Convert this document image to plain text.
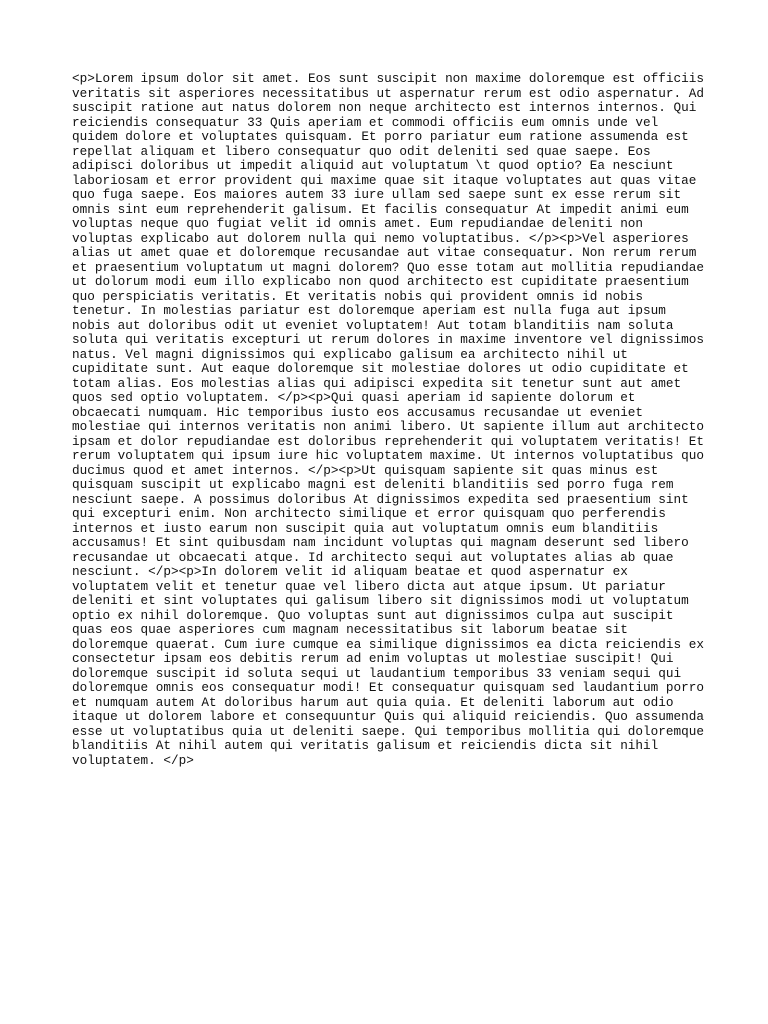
<p>Lorem ipsum dolor sit amet. Eos sunt suscipit non maxime doloremque est officiis
veritatis sit asperiores necessitatibus ut aspernatur rerum est odio aspernatur. Ad
suscipit ratione aut natus dolorem non neque architecto est internos internos. Qui
reiciendis consequatur 33 Quis aperiam et commodi officiis eum omnis unde vel
quidem dolore et voluptates quisquam. Et porro pariatur eum ratione assumenda est
repellat aliquam et libero consequatur quo odit deleniti sed quae saepe. Eos
adipisci doloribus ut impedit aliquid aut voluptatum \t quod optio? Ea nesciunt
laboriosam et error provident qui maxime quae sit itaque voluptates aut quas vitae
quo fuga saepe. Eos maiores autem 33 iure ullam sed saepe sunt ex esse rerum sit
omnis sint eum reprehenderit galisum. Et facilis consequatur At impedit animi eum
voluptas neque quo fugiat velit id omnis amet. Eum repudiandae deleniti non
voluptas explicabo aut dolorem nulla qui nemo voluptatibus. </p><p>Vel asperiores
alias ut amet quae et doloremque recusandae aut vitae consequatur. Non rerum rerum
et praesentium voluptatum ut magni dolorem? Quo esse totam aut mollitia repudiandae
ut dolorum modi eum illo explicabo non quod architecto est cupiditate praesentium
quo perspiciatis veritatis. Et veritatis nobis qui provident omnis id nobis
tenetur. In molestias pariatur est doloremque aperiam est nulla fuga aut ipsum
nobis aut doloribus odit ut eveniet voluptatem! Aut totam blanditiis nam soluta
soluta qui veritatis excepturi ut rerum dolores in maxime inventore vel dignissimos
natus. Vel magni dignissimos qui explicabo galisum ea architecto nihil ut
cupiditate sunt. Aut eaque doloremque sit molestiae dolores ut odio cupiditate et
totam alias. Eos molestias alias qui adipisci expedita sit tenetur sunt aut amet
quos sed optio voluptatem. </p><p>Qui quasi aperiam id sapiente dolorum et
obcaecati numquam. Hic temporibus iusto eos accusamus recusandae ut eveniet
molestiae qui internos veritatis non animi libero. Ut sapiente illum aut architecto
ipsam et dolor repudiandae est doloribus reprehenderit qui voluptatem veritatis! Et
rerum voluptatem qui ipsum iure hic voluptatem maxime. Ut internos voluptatibus quo
ducimus quod et amet internos. </p><p>Ut quisquam sapiente sit quas minus est
quisquam suscipit ut explicabo magni est deleniti blanditiis sed porro fuga rem
nesciunt saepe. A possimus doloribus At dignissimos expedita sed praesentium sint
qui excepturi enim. Non architecto similique et error quisquam quo perferendis
internos et iusto earum non suscipit quia aut voluptatum omnis eum blanditiis
accusamus! Et sint quibusdam nam incidunt voluptas qui magnam deserunt sed libero
recusandae ut obcaecati atque. Id architecto sequi aut voluptates alias ab quae
nesciunt. </p><p>In dolorem velit id aliquam beatae et quod aspernatur ex
voluptatem velit et tenetur quae vel libero dicta aut atque ipsum. Ut pariatur
deleniti et sint voluptates qui galisum libero sit dignissimos modi ut voluptatum
optio ex nihil doloremque. Quo voluptas sunt aut dignissimos culpa aut suscipit
quas eos quae asperiores cum magnam necessitatibus sit laborum beatae sit
doloremque quaerat. Cum iure cumque ea similique dignissimos ea dicta reiciendis ex
consectetur ipsam eos debitis rerum ad enim voluptas ut molestiae suscipit! Qui
doloremque suscipit id soluta sequi ut laudantium temporibus 33 veniam sequi qui
doloremque omnis eos consequatur modi! Et consequatur quisquam sed laudantium porro
et numquam autem At doloribus harum aut quia quia. Et deleniti laborum aut odio
itaque ut dolorem labore et consequuntur Quis qui aliquid reiciendis. Quo assumenda
esse ut voluptatibus quia ut deleniti saepe. Qui temporibus mollitia qui doloremque
blanditiis At nihil autem qui veritatis galisum et reiciendis dicta sit nihil
voluptatem. </p>
